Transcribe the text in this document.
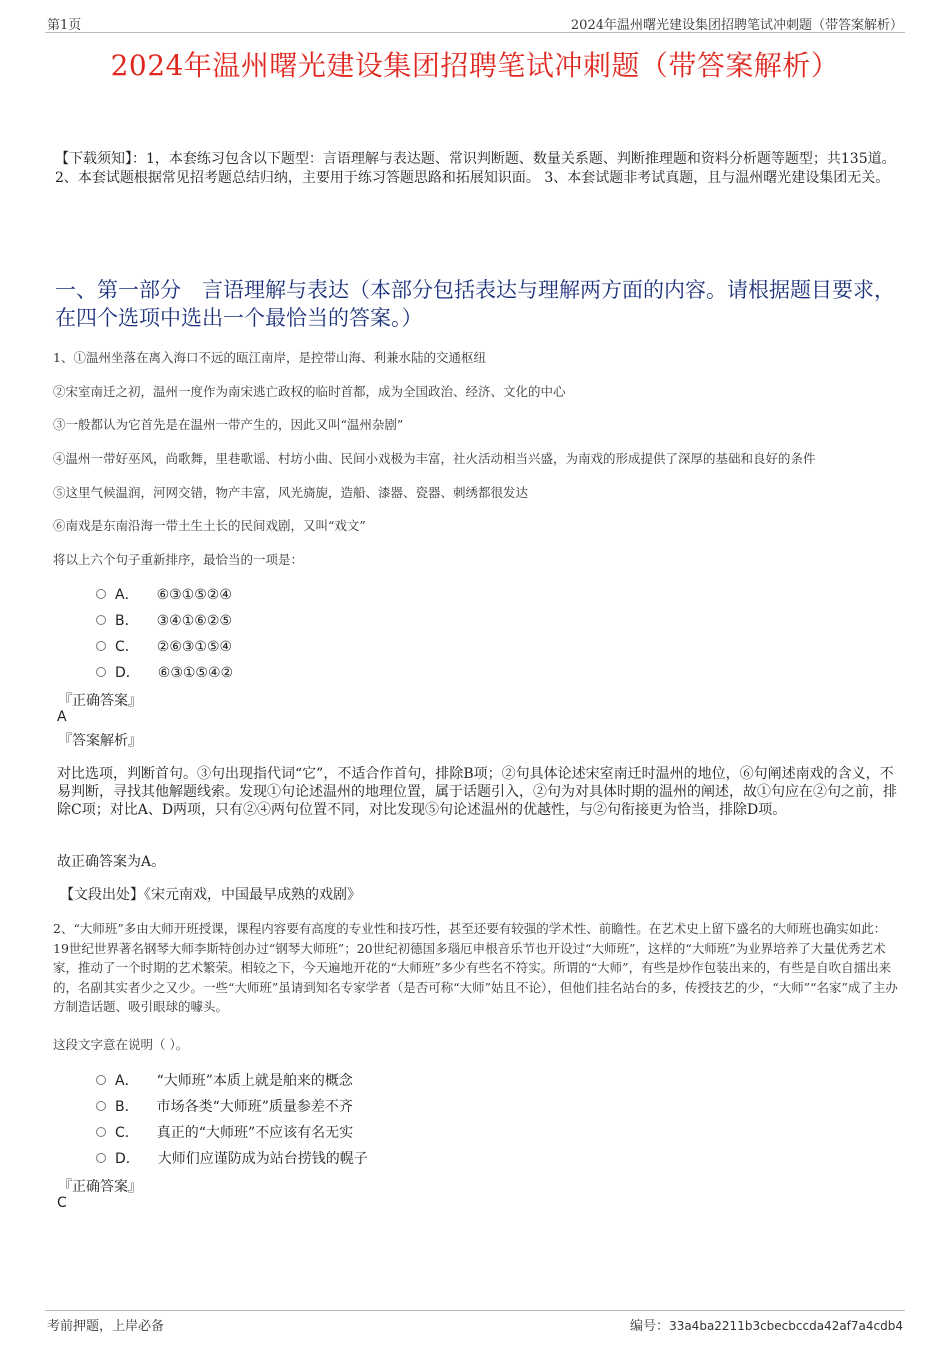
第1页	2024年温州曙光建设集团招聘笔试冲刺题（带答案解析）
2024年温州曙光建设集团招聘笔试冲刺题（带答案解析）
【下载须知】：1，本套练习包含以下题型：言语理解与表达题、常识判断题、数量关系题、判断推理题和资料分析题等题型；共135道。 2、本套试题根据常见招考题总结归纳，主要用于练习答题思路和拓展知识面。 3、本套试题非考试真题，且与温州曙光建设集团无关。
一、第一部分　言语理解与表达（本部分包括表达与理解两方面的内容。请根据题目要求，在四个选项中选出一个最恰当的答案。）
1、①温州坐落在离入海口不远的瓯江南岸，是控带山海、利兼水陆的交通枢纽
②宋室南迁之初，温州一度作为南宋逃亡政权的临时首都，成为全国政治、经济、文化的中心
③一般都认为它首先是在温州一带产生的，因此又叫“温州杂剧”
④温州一带好巫风，尚歌舞，里巷歌谣、村坊小曲、民间小戏极为丰富，社火活动相当兴盛，为南戏的形成提供了深厚的基础和良好的条件
⑤这里气候温润，河网交错，物产丰富，风光旖旎，造船、漆器、瓷器、刺绣都很发达
⑥南戏是东南沿海一带土生土长的民间戏剧，又叫“戏文”
将以上六个句子重新排序，最恰当的一项是：
A． ⑥③①⑤②④
B． ③④①⑥②⑤
C． ②⑥③①⑤④
D． ⑥③①⑤④②
『正确答案』
A
『答案解析』
对比选项，判断首句。③句出现指代词“它”，不适合作首句，排除B项；②句具体论述宋室南迁时温州的地位，⑥句阐述南戏的含义，不易判断，寻找其他解题线索。发现①句论述温州的地理位置，属于话题引入，②句为对具体时期的温州的阐述，故①句应在②句之前，排除C项；对比A、D两项，只有②④两句位置不同，对比发现⑤句论述温州的优越性，与②句衔接更为恰当，排除D项。
故正确答案为A。
【文段出处】《宋元南戏，中国最早成熟的戏剧》
2、“大师班”多由大师开班授课，课程内容要有高度的专业性和技巧性，甚至还要有较强的学术性、前瞻性。在艺术史上留下盛名的大师班也确实如此：19世纪世界著名钢琴大师李斯特创办过“钢琴大师班”；20世纪初德国多瑙厄申根音乐节也开设过“大师班”，这样的“大师班”为业界培养了大量优秀艺术家，推动了一个时期的艺术繁荣。相较之下，今天遍地开花的“大师班”多少有些名不符实。所谓的“大师”，有些是炒作包装出来的，有些是自吹自擂出来的，名副其实者少之又少。一些“大师班”虽请到知名专家学者（是否可称“大师”姑且不论），但他们挂名站台的多，传授技艺的少，“大师”“名家”成了主办方制造话题、吸引眼球的噱头。
这段文字意在说明（ ）。
A． “大师班”本质上就是舶来的概念
B． 市场各类“大师班”质量参差不齐
C． 真正的“大师班”不应该有名无实
D． 大师们应谨防成为站台捞钱的幌子
『正确答案』
C
考前押题，上岸必备	编号：33a4ba2211b3cbecbccda42af7a4cdb4
